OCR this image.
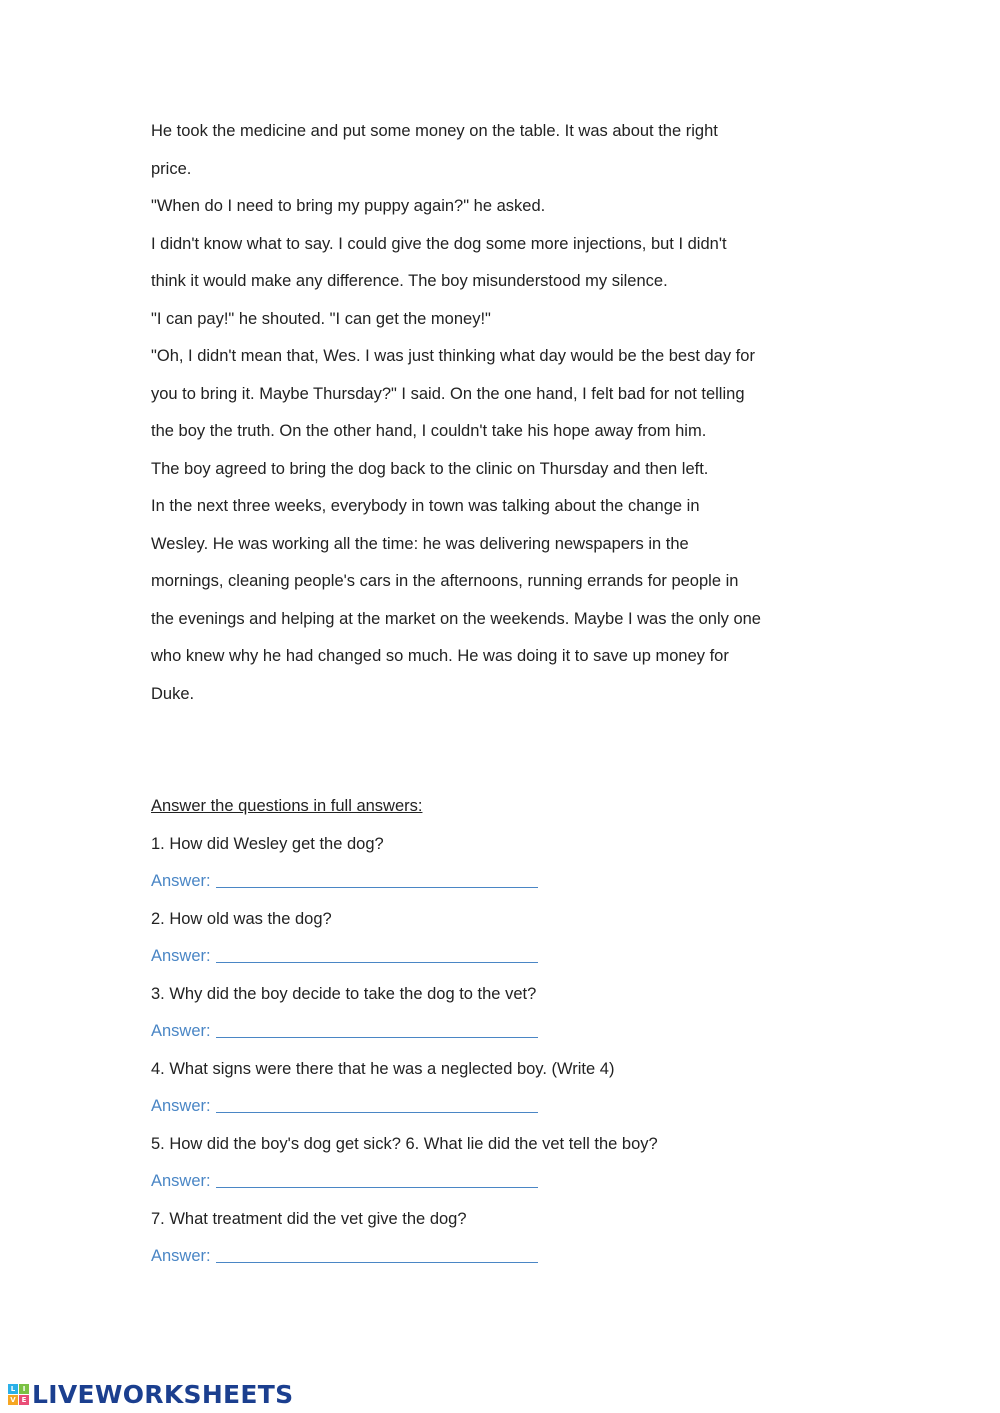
He took the medicine and put some money on the table. It was about the right price.

"When do I need to bring my puppy again?" he asked.

I didn't know what to say. I could give the dog some more injections, but I didn't think it would make any difference. The boy misunderstood my silence.

"I can pay!" he shouted. "I can get the money!"

"Oh, I didn't mean that, Wes. I was just thinking what day would be the best day for you to bring it. Maybe Thursday?" I said. On the one hand, I felt bad for not telling the boy the truth. On the other hand, I couldn't take his hope away from him.

The boy agreed to bring the dog back to the clinic on Thursday and then left.

In the next three weeks, everybody in town was talking about the change in Wesley. He was working all the time: he was delivering newspapers in the mornings, cleaning people's cars in the afternoons, running errands for people in the evenings and helping at the market on the weekends. Maybe I was the only one who knew why he had changed so much. He was doing it to save up money for Duke.

Answer the questions in full answers:

1. How did Wesley get the dog?

Answer:

2. How old was the dog?

Answer:

3. Why did the boy decide to take the dog to the vet?

Answer:

4. What signs were there that he was a neglected boy. (Write 4)

Answer:

5. How did the boy's dog get sick? 6. What lie did the vet tell the boy?

Answer:

7. What treatment did the vet give the dog?

Answer:

L	I
V E LIVEWORKSHEETS
